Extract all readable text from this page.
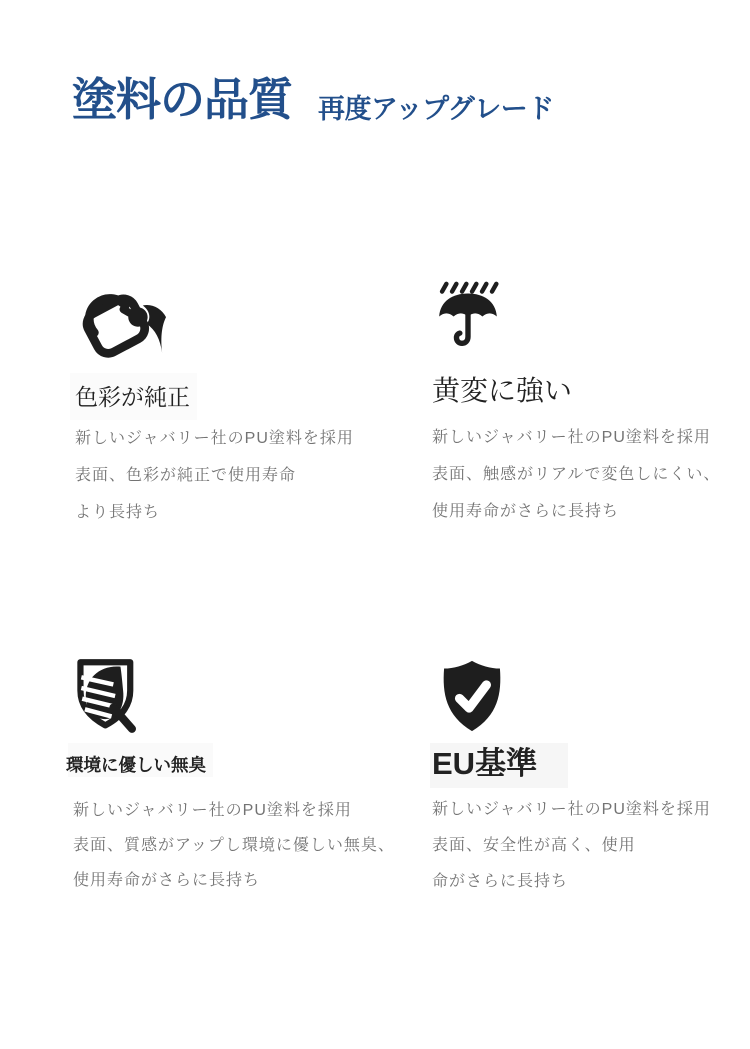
塗料の品質 再度アップグレード
色彩が純正

新しいジャバリー社のPU塗料を採用

表面、色彩が純正で使用寿命

より長持ち

黄変に強い

新しいジャバリー社のPU塗料を採用

表面、触感がリアルで変色しにくい、

使用寿命がさらに長持ち

環境に優しい無臭

新しいジャバリー社のPU塗料を採用

表面、質感がアップし環境に優しい無臭、

使用寿命がさらに長持ち

EU基準

新しいジャバリー社のPU塗料を採用

表面、安全性が高く、使用

命がさらに長持ち
